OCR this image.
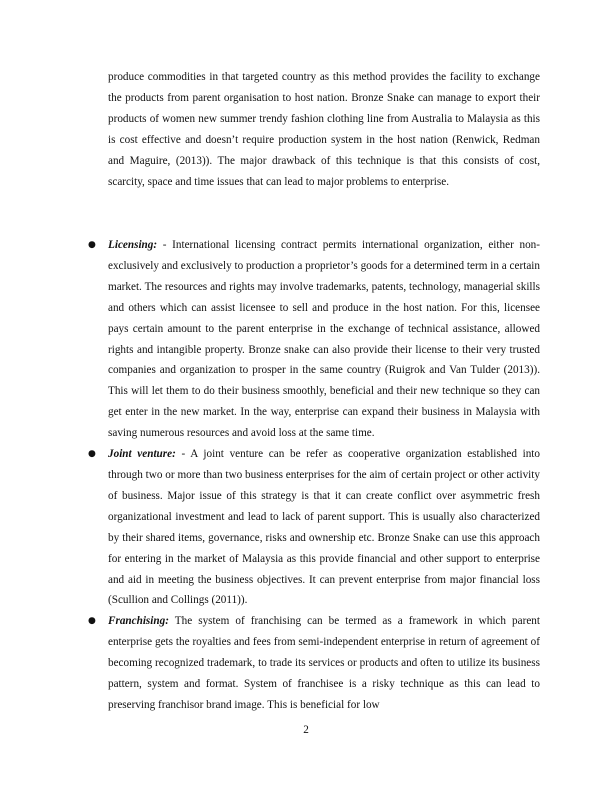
produce commodities in that targeted country as this method provides the facility to exchange the products from parent organisation to host nation. Bronze Snake can manage to export their products of women new summer trendy fashion clothing line from Australia to Malaysia as this is cost effective and doesn’t require production system in the host nation (Renwick, Redman and Maguire, (2013)). The major drawback of this technique is that this consists of cost, scarcity, space and time issues that can lead to major problems to enterprise.

● Licensing: - International licensing contract permits international organization, either non-exclusively and exclusively to production a proprietor’s goods for a determined term in a certain market. The resources and rights may involve trademarks, patents, technology, managerial skills and others which can assist licensee to sell and produce in the host nation. For this, licensee pays certain amount to the parent enterprise in the exchange of technical assistance, allowed rights and intangible property. Bronze snake can also provide their license to their very trusted companies and organization to prosper in the same country (Ruigrok and Van Tulder (2013)). This will let them to do their business smoothly, beneficial and their new technique so they can get enter in the new market. In the way, enterprise can expand their business in Malaysia with saving numerous resources and avoid loss at the same time.
● Joint venture: - A joint venture can be refer as cooperative organization established into through two or more than two business enterprises for the aim of certain project or other activity of business. Major issue of this strategy is that it can create conflict over asymmetric fresh organizational investment and lead to lack of parent support. This is usually also characterized by their shared items, governance, risks and ownership etc. Bronze Snake can use this approach for entering in the market of Malaysia as this provide financial and other support to enterprise and aid in meeting the business objectives. It can prevent enterprise from major financial loss (Scullion and Collings (2011)).
● Franchising: The system of franchising can be termed as a framework in which parent enterprise gets the royalties and fees from semi-independent enterprise in return of agreement of becoming recognized trademark, to trade its services or products and often to utilize its business pattern, system and format. System of franchisee is a risky technique as this can lead to preserving franchisor brand image. This is beneficial for low
2
